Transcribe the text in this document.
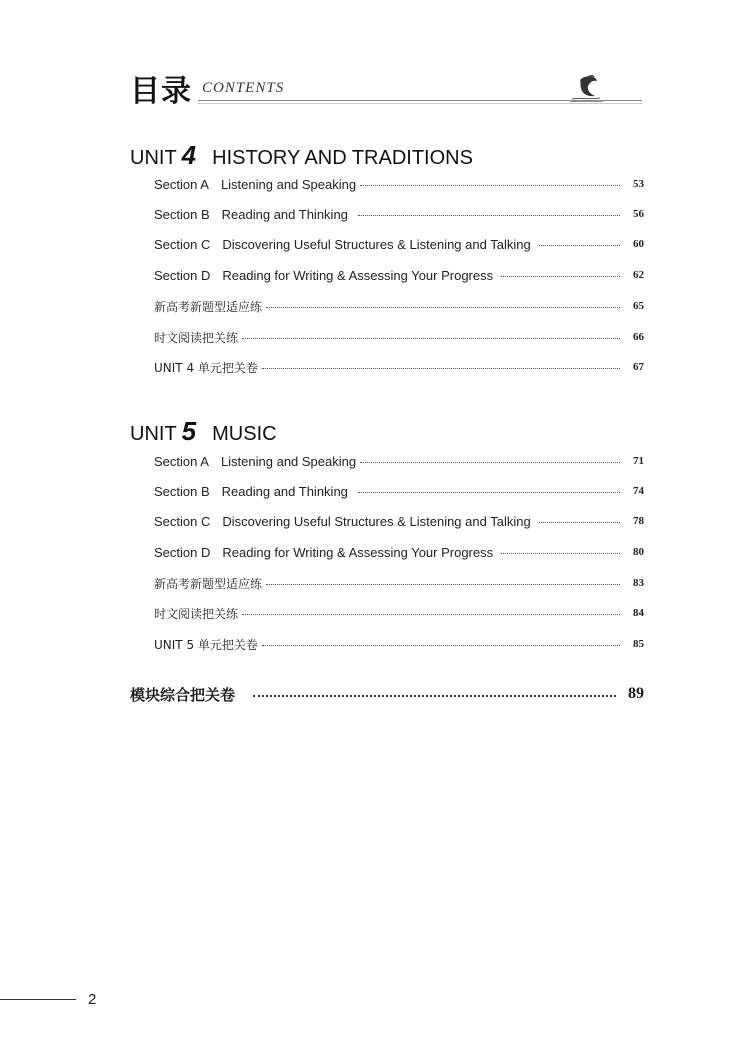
目录 CONTENTS
UNIT 4 HISTORY AND TRADITIONS
Section A Listening and Speaking	53
Section B Reading and Thinking	56
Section C Discovering Useful Structures & Listening and Talking	60
Section D Reading for Writing & Assessing Your Progress	62
新高考新题型适应练	65
时文阅读把关练	66
UNIT 4 单元把关卷	67
UNIT 5 MUSIC
Section A Listening and Speaking	71
Section B Reading and Thinking	74
Section C Discovering Useful Structures & Listening and Talking	78
Section D Reading for Writing & Assessing Your Progress	80
新高考新题型适应练	83
时文阅读把关练	84
UNIT 5 单元把关卷	85
模块综合把关卷	89
2
